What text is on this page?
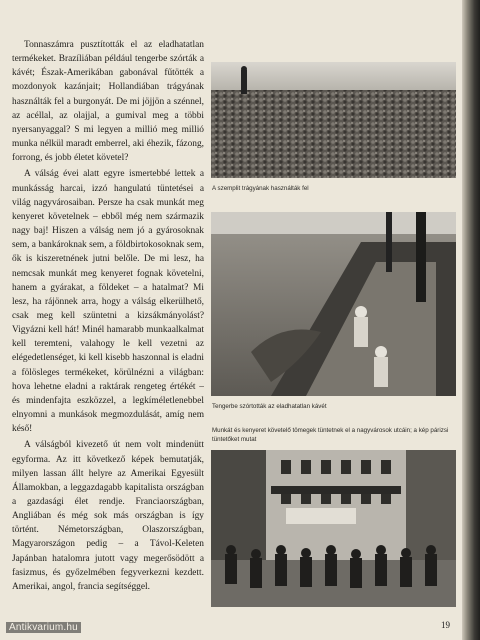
Tonnaszámra pusztították el az eladhatatlan termékeket. Brazíliában például tengerbe szórták a kávét; Észak-Amerikában gabonával fűtötték a mozdonyok kazánjait; Hollandiában trágyának használták fel a burgonyát. De mi jöjjön a szénnel, az acéllal, az olajjal, a gumival meg a többi nyersanyaggal? S mi legyen a millió meg millió munka nélkül maradt emberrel, aki éhezik, fázong, forrong, és jobb életet követel?

A válság évei alatt egyre ismertebbé lettek a munkásság harcai, izzó hangulatú tüntetései a világ nagyvárosaiban. Persze ha csak munkát meg kenyeret követelnek – ebből még nem származik nagy baj! Hiszen a válság nem jó a gyárosoknak sem, a bankároknak sem, a földbirtokosoknak sem, ők is kiszeretnének jutni belőle. De mi lesz, ha nemcsak munkát meg kenyeret fognak követelni, hanem a gyárakat, a földeket – a hatalmat? Mi lesz, ha rájönnek arra, hogy a válság elkerülhető, csak meg kell szüntetni a kizsákmányolást? Vigyázni kell hát! Minél hamarabb munkaalkalmat kell teremteni, valahogy le kell vezetni az elégedetlenséget, ki kell kisebb haszonnal is eladni a fölösleges termékeket, körülnézni a világban: hova lehetne eladni a raktárak rengeteg értékét – és mindenfajta eszközzel, a legkíméletlenebbel elnyomni a munkások megmozdulását, amíg nem késő!

A válságból kivezető út nem volt mindenütt egyforma. Az itt következő képek bemutatják, milyen lassan állt helyre az Amerikai Egyesült Államokban, a leggazdagabb kapitalista országban a gazdasági élet rendje. Franciaországban, Angliában és még sok más országban is így történt. Németországban, Olaszországban, Magyarországon pedig – a Távol-Keleten Japánban hatalomra jutott vagy megerősödött a fasizmus, és győzelmében fegyverkezni kezdett. Amerikai, angol, francia segítséggel.

A szemplit trágyának használták fel
Tengerbe szórtották az eladhatatlan kávét
Munkát és kenyeret követelő tömegek tüntetnek el a nagyvárosok utcáin; a kép párizsi tüntetőket mutat
19
Antikvarium.hu
